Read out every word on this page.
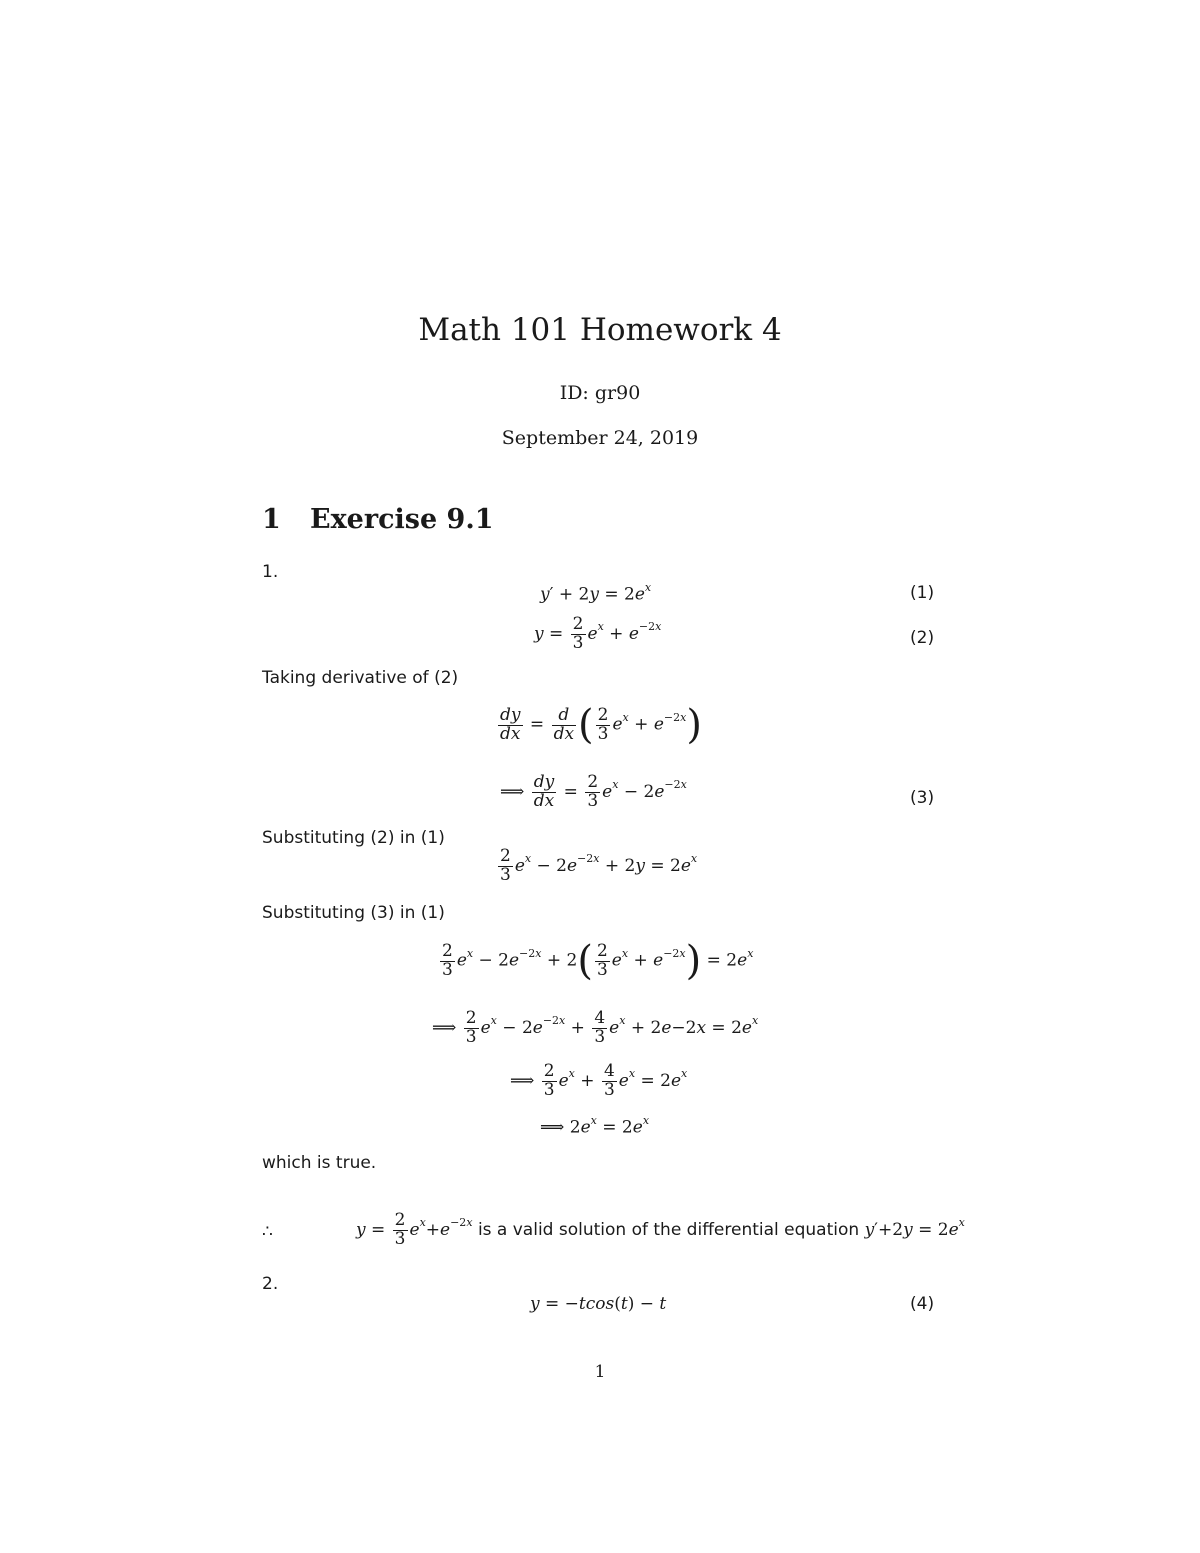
Math 101 Homework 4
ID: gr90
September 24, 2019
1 Exercise 9.1
1.
$y' + 2y = 2e^x$	(1)
$y = \frac{2}{3} e^x + e^{-2x}$
(2)
Taking derivative of (2)
$\frac{dy}{dx} = \frac{d}{dx}$ ( $\frac{2}{3} e^x + e^{-2x}$)
⟹ $\frac{dy}{dx} = \frac{2}{3} e^x - 2e^{-2x}$
(3)
Substituting (2) in (1)
$\frac{2}{3} e^x - 2e^{-2x} + 2y = 2e^x$
Substituting (3) in (1)
$\frac{2}{3} e^x - 2e^{-2x} + 2( \frac{2}{3} e^x + e^{-2x}) = 2e^x$
⟹ $\frac{2}{3} e^x - 2e^{-2x} + \frac{4}{3} e^x + 2e-2x = 2e^x$
⟹ $\frac{2}{3} e^x + \frac{4}{3} e^x = 2e^x$
⟹ $2e^x = 2e^x$
which is true.
∴	$y = \frac{2}{3} e^x+e^{-2x}$ is a valid solution of the differential equation $y'+2y = 2e^x$
2.
y = −tcos(t) − t	(4)
1
